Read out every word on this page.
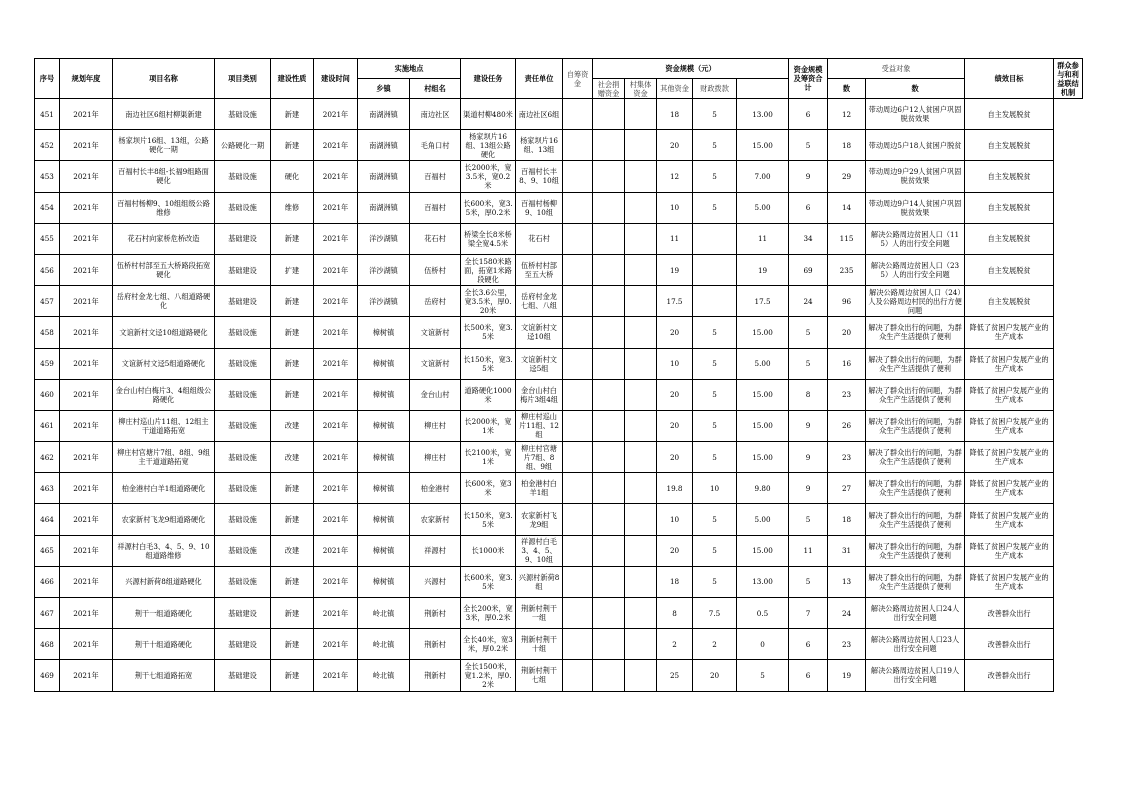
序号	规划年度	项目名称	项目类别	建设性质	建设时间	实施地点		建设任务	责任单位	自筹资金	资金规模（元）					资金规模及筹资合计	受益对象		绩效目标	群众参与和利益联结机制
						乡镇	村组名				社会捐赠资金	村集体资金	其他资金	财政拨款			数	数		
451	2021年	南边社区6组村柳渠新建	基础设施	新建	2021年	南湖洲镇	南边社区	渠道村柳480米	南边社区6组				18	5	13.00	6	12	带动周边6户12人贫困户巩固脱贫效果	自主发展脱贫	
452	2021年	杨家坝片16组、13组，公路硬化一期	公路硬化一期	新建	2021年	南湖洲镇	毛角口村	杨家坝片16组、13组公路硬化	杨家坝片16组、13组				20	5	15.00	5	18	带动周边5户18人贫困户脱贫	自主发展脱贫	
453	2021年	百福村长丰8组-长福9组路面硬化	基础设施	硬化	2021年	南湖洲镇	百福村	长2000米，宽3.5米，宽0.2米	百福村长丰8、9、10组				12	5	7.00	9	29	带动周边9户29人贫困户巩固脱贫效果	自主发展脱贫	
454	2021年	百福村杨柳9、10组组级公路维修	基础设施	维修	2021年	南湖洲镇	百福村	长600米，宽3.5米，厚0.2米	百福村杨柳9、10组				10	5	5.00	6	14	带动周边9户14人贫困户巩固脱贫效果	自主发展脱贫	
455	2021年	花石村向家桥危桥改造	基础建设	新建	2021年	洋沙湖镇	花石村	桥梁全长8米桥梁全宽4.5米	花石村				11		11	34	115	解决公路周边贫困人口（115）人的出行安全问题	自主发展脱贫	
456	2021年	伍桥村村部至五大桥路段拓宽硬化	基础建设	扩建	2021年	洋沙湖镇	伍桥村	全长1580米路面，拓宽1米路段硬化	伍桥村村部至五大桥				19		19	69	235	解决公路周边贫困人口（235）人的出行安全问题	自主发展脱贫	
457	2021年	岳府村金龙七组、八组道路硬化	基础建设	新建	2021年	洋沙湖镇	岳府村	全长3.6公里，宽3.5米，厚0.20米	岳府村金龙七组、八组				17.5		17.5	24	96	解决公路周边贫困人口（24）人及公路周边村民的出行方便问题	自主发展脱贫	
458	2021年	文谊新村文迳10组道路硬化	基础设施	新建	2021年	樟树镇	文谊新村	长500米，宽3.5米	文谊新村文迳10组				20	5	15.00	5	20	解决了群众出行的问题，为群众生产生活提供了便利	降低了贫困户发展产业的生产成本	
459	2021年	文谊新村文迳5组道路硬化	基础设施	新建	2021年	樟树镇	文谊新村	长150米，宽3.5米	文谊新村文迳5组				10	5	5.00	5	16	解决了群众出行的问题，为群众生产生活提供了便利	降低了贫困户发展产业的生产成本	
460	2021年	金台山村白梅片3、4组组级公路硬化	基础设施	新建	2021年	樟树镇	金台山村	道路硬化1000米	金台山村白梅片3组4组				20	5	15.00	8	23	解决了群众出行的问题，为群众生产生活提供了便利	降低了贫困户发展产业的生产成本	
461	2021年	柳庄村巡山片11组、12组主干道道路拓宽	基础设施	改建	2021年	樟树镇	柳庄村	长2000米，宽1米	柳庄村巡山片11组、12组				20	5	15.00	9	26	解决了群众出行的问题，为群众生产生活提供了便利	降低了贫困户发展产业的生产成本	
462	2021年	柳庄村官塘片7组、8组、9组主干道道路拓宽	基础设施	改建	2021年	樟树镇	柳庄村	长2100米，宽1米	柳庄村官塘片7组、8组、9组				20	5	15.00	9	23	解决了群众出行的问题，为群众生产生活提供了便利	降低了贫困户发展产业的生产成本	
463	2021年	柏金港村白羊1组道路硬化	基础设施	新建	2021年	樟树镇	柏金港村	长600米，宽3米	柏金港村白羊1组				19.8	10	9.80	9	27	解决了群众出行的问题，为群众生产生活提供了便利	降低了贫困户发展产业的生产成本	
464	2021年	农家新村飞龙9组道路硬化	基础设施	新建	2021年	樟树镇	农家新村	长150米，宽3.5米	农家新村飞龙9组				10	5	5.00	5	18	解决了群众出行的问题，为群众生产生活提供了便利	降低了贫困户发展产业的生产成本	
465	2021年	祥源村白毛3、4、5、9、10组道路维修	基础设施	改建	2021年	樟树镇	祥源村	长1000米	祥源村白毛3、4、5、9、10组				20	5	15.00	11	31	解决了群众出行的问题，为群众生产生活提供了便利	降低了贫困户发展产业的生产成本	
466	2021年	兴源村新荷8组道路硬化	基础设施	新建	2021年	樟树镇	兴源村	长600米，宽3.5米	兴源村新荷8组				18	5	13.00	5	13	解决了群众出行的问题，为群众生产生活提供了便利	降低了贫困户发展产业的生产成本	
467	2021年	荆干一组道路硬化	基础建设	新建	2021年	岭北镇	荆新村	全长200米，宽3米，厚0.2米	荆新村荆干一组				8	7.5	0.5	7	24	解决公路周边贫困人口24人出行安全问题	改善群众出行	
468	2021年	荆干十组道路硬化	基础建设	新建	2021年	岭北镇	荆新村	全长40米，宽3米，厚0.2米	荆新村荆干十组				2	2	0	6	23	解决公路周边贫困人口23人出行安全问题	改善群众出行	
469	2021年	荆干七组道路拓宽	基础建设	新建	2021年	岭北镇	荆新村	全长1500米，宽1.2米，厚0.2米	荆新村荆干七组				25	20	5	6	19	解决公路周边贫困人口19人出行安全问题	改善群众出行	
